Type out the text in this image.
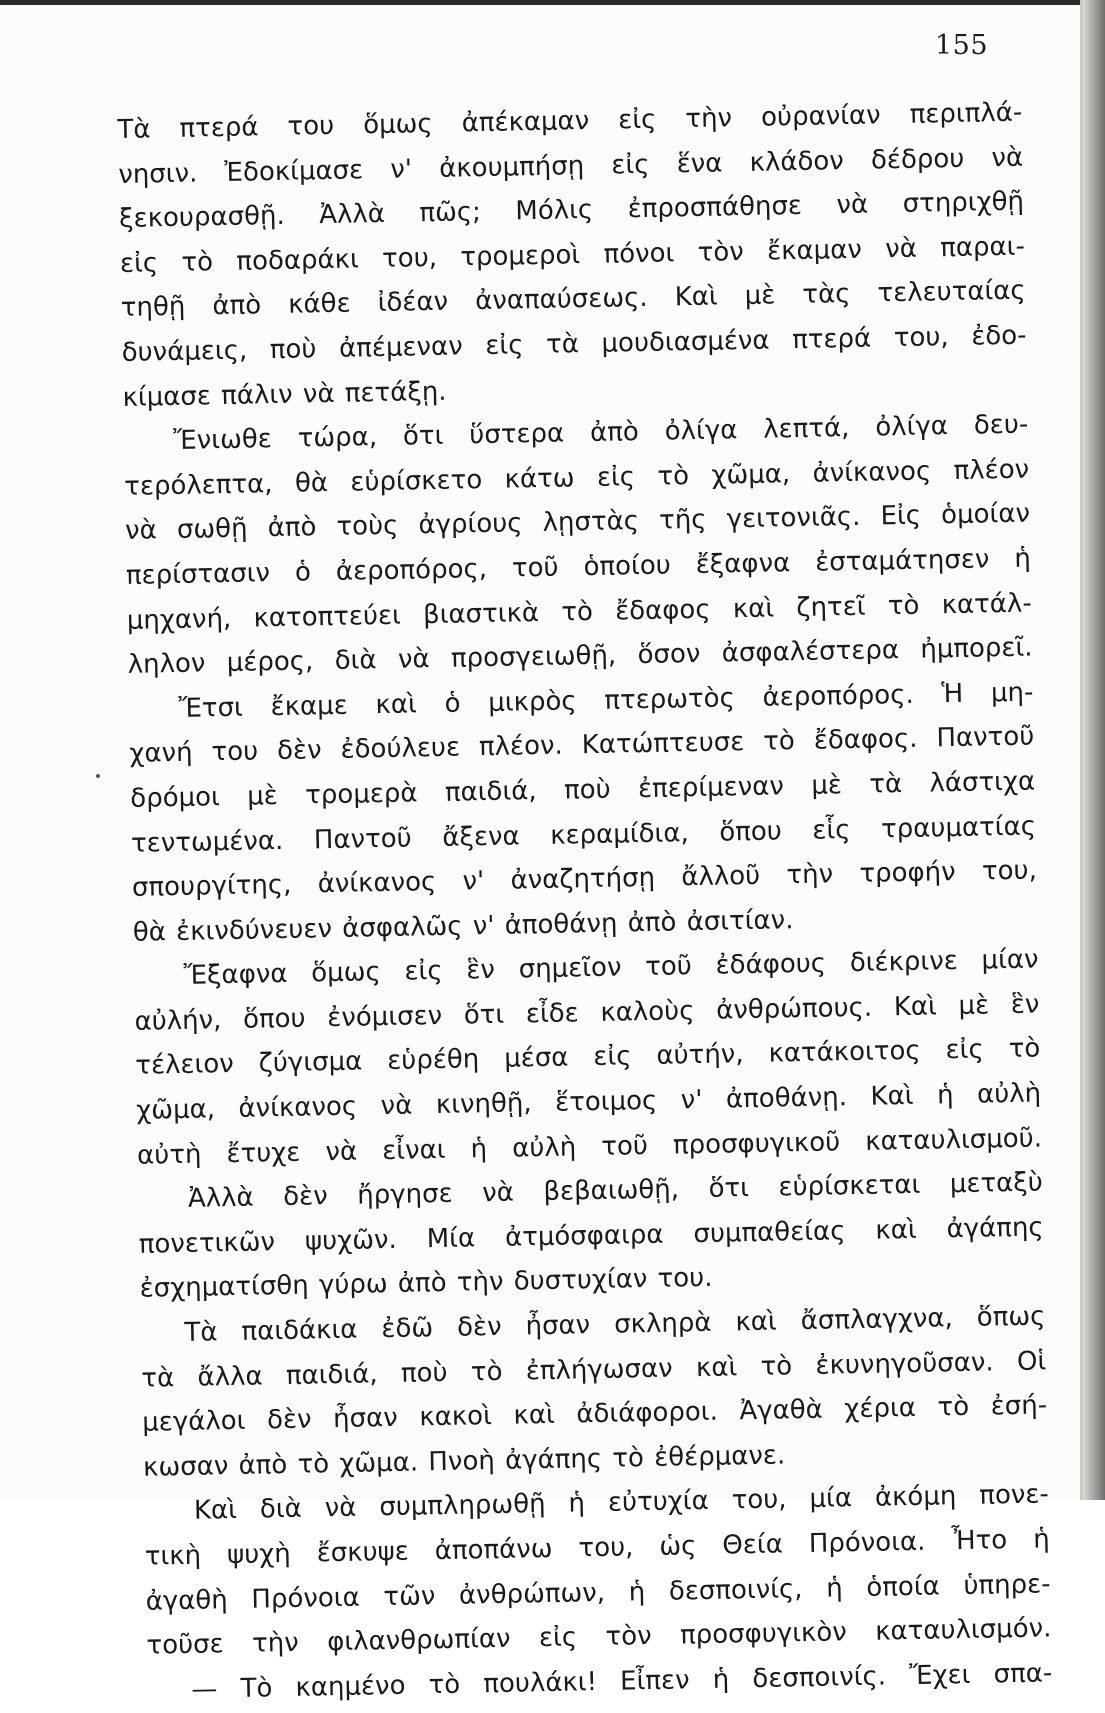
155
Τὰ πτερά του ὅμως ἀπέκαμαν εἰς τὴν οὐρανίαν περιπλά-
νησιν. Ἐδοκίμασε ν' ἀκουμπήσῃ εἰς ἕνα κλάδον δέδρου νὰ
ξεκουρασθῇ. Ἀλλὰ πῶς; Μόλις ἐπροσπάθησε νὰ στηριχθῇ
εἰς τὸ ποδαράκι του, τρομεροὶ πόνοι τὸν ἔκαμαν νὰ παραι-
τηθῇ ἀπὸ κάθε ἰδέαν ἀναπαύσεως. Καὶ μὲ τὰς τελευταίας
δυνάμεις, ποὺ ἀπέμεναν εἰς τὰ μουδιασμένα πτερά του, ἐδο-
κίμασε πάλιν νὰ πετάξῃ.
Ἔνιωθε τώρα, ὅτι ὕστερα ἀπὸ ὀλίγα λεπτά, ὀλίγα δευ-
τερόλεπτα, θὰ εὑρίσκετο κάτω εἰς τὸ χῶμα, ἀνίκανος πλέον
νὰ σωθῇ ἀπὸ τοὺς ἀγρίους λῃστὰς τῆς γειτονιᾶς. Εἰς ὁμοίαν
περίστασιν ὁ ἀεροπόρος, τοῦ ὁποίου ἔξαφνα ἐσταμάτησεν ἡ
μηχανή, κατοπτεύει βιαστικὰ τὸ ἔδαφος καὶ ζητεῖ τὸ κατάλ-
ληλον μέρος, διὰ νὰ προσγειωθῇ, ὅσον ἀσφαλέστερα ἠμπορεῖ.
Ἔτσι ἔκαμε καὶ ὁ μικρὸς πτερωτὸς ἀεροπόρος. Ἡ μη-
χανή του δὲν ἐδούλευε πλέον. Κατώπτευσε τὸ ἔδαφος. Παντοῦ
δρόμοι μὲ τρομερὰ παιδιά, ποὺ ἐπερίμεναν μὲ τὰ λάστιχα
τεντωμένα. Παντοῦ ἄξενα κεραμίδια, ὅπου εἷς τραυματίας
σπουργίτης, ἀνίκανος ν' ἀναζητήσῃ ἄλλοῦ τὴν τροφήν του,
θὰ ἐκινδύνευεν ἀσφαλῶς ν' ἀποθάνῃ ἀπὸ ἀσιτίαν.
Ἔξαφνα ὅμως εἰς ἓν σημεῖον τοῦ ἐδάφους διέκρινε μίαν
αὐλήν, ὅπου ἐνόμισεν ὅτι εἶδε καλοὺς ἀνθρώπους. Καὶ μὲ ἓν
τέλειον ζύγισμα εὑρέθη μέσα εἰς αὐτήν, κατάκοιτος εἰς τὸ
χῶμα, ἀνίκανος νὰ κινηθῇ, ἕτοιμος ν' ἀποθάνῃ. Καὶ ἡ αὐλὴ
αὐτὴ ἔτυχε νὰ εἶναι ἡ αὐλὴ τοῦ προσφυγικοῦ καταυλισμοῦ.
Ἀλλὰ δὲν ἤργησε νὰ βεβαιωθῇ, ὅτι εὑρίσκεται μεταξὺ
πονετικῶν ψυχῶν. Μία ἀτμόσφαιρα συμπαθείας καὶ ἀγάπης
ἐσχηματίσθη γύρω ἀπὸ τὴν δυστυχίαν του.
Τὰ παιδάκια ἐδῶ δὲν ἦσαν σκληρὰ καὶ ἄσπλαγχνα, ὅπως
τὰ ἄλλα παιδιά, ποὺ τὸ ἐπλήγωσαν καὶ τὸ ἐκυνηγοῦσαν. Οἱ
μεγάλοι δὲν ἦσαν κακοὶ καὶ ἀδιάφοροι. Ἀγαθὰ χέρια τὸ ἐσή-
κωσαν ἀπὸ τὸ χῶμα. Πνοὴ ἀγάπης τὸ ἐθέρμανε.
Καὶ διὰ νὰ συμπληρωθῇ ἡ εὐτυχία του, μία ἀκόμη πονε-
τικὴ ψυχὴ ἔσκυψε ἀποπάνω του, ὡς Θεία Πρόνοια. Ἦτο ἡ
ἀγαθὴ Πρόνοια τῶν ἀνθρώπων, ἡ δεσποινίς, ἡ ὁποία ὑπηρε-
τοῦσε τὴν φιλανθρωπίαν εἰς τὸν προσφυγικὸν καταυλισμόν.
— Τὸ καημένο τὸ πουλάκι! Εἶπεν ἡ δεσποινίς. Ἔχει σπα-
